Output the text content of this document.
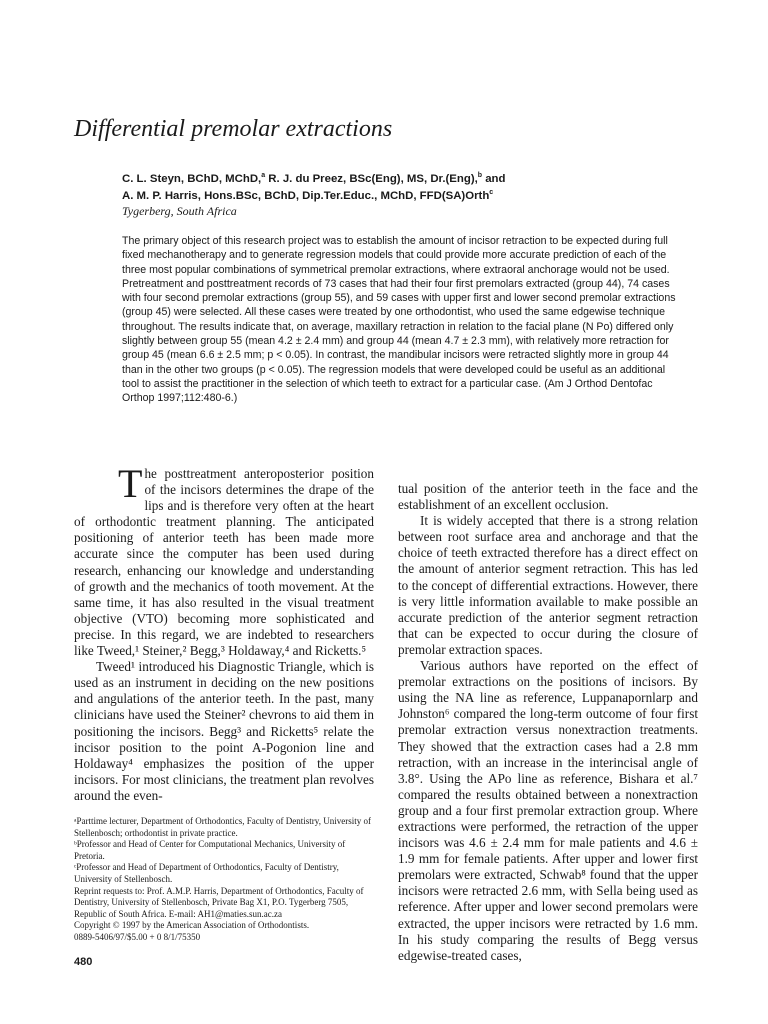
Differential premolar extractions
C. L. Steyn, BChD, MChD,$^a$ R. J. du Preez, BSc(Eng), MS, Dr.(Eng),$^b$ and
A. M. P. Harris, Hons.BSc, BChD, Dip.Ter.Educ., MChD, FFD(SA)Orth$^c$
Tygerberg, South Africa

The primary object of this research project was to establish the amount of incisor retraction to be expected during full fixed mechanotherapy and to generate regression models that could provide more accurate prediction of each of the three most popular combinations of symmetrical premolar extractions, where extraoral anchorage would not be used. Pretreatment and posttreatment records of 73 cases that had their four first premolars extracted (group 44), 74 cases with four second premolar extractions (group 55), and 59 cases with upper first and lower second premolar extractions (group 45) were selected. All these cases were treated by one orthodontist, who used the same edgewise technique throughout. The results indicate that, on average, maxillary retraction in relation to the facial plane (N Po) differed only slightly between group 55 (mean 4.2 ± 2.4 mm) and group 44 (mean 4.7 ± 2.3 mm), with relatively more retraction for group 45 (mean 6.6 ± 2.5 mm; p < 0.05). In contrast, the mandibular incisors were retracted slightly more in group 44 than in the other two groups (p < 0.05). The regression models that were developed could be useful as an additional tool to assist the practitioner in the selection of which teeth to extract for a particular case. (Am J Orthod Dentofac Orthop 1997;112:480-6.)

The posttreatment anteroposterior position of the incisors determines the drape of the lips and is therefore very often at the heart of orthodontic treatment planning. The anticipated positioning of anterior teeth has been made more accurate since the computer has been used during research, enhancing our knowledge and understanding of growth and the mechanics of tooth movement. At the same time, it has also resulted in the visual treatment objective (VTO) becoming more sophisticated and precise. In this regard, we are indebted to researchers like Tweed,¹ Steiner,² Begg,³ Holdaway,⁴ and Ricketts.⁵

Tweed¹ introduced his Diagnostic Triangle, which is used as an instrument in deciding on the new positions and angulations of the anterior teeth. In the past, many clinicians have used the Steiner² chevrons to aid them in positioning the incisors. Begg³ and Ricketts⁵ relate the incisor position to the point A-Pogonion line and Holdaway⁴ emphasizes the position of the upper incisors. For most clinicians, the treatment plan revolves around the even-

ᵃParttime lecturer, Department of Orthodontics, Faculty of Dentistry, University of Stellenbosch; orthodontist in private practice.
ᵇProfessor and Head of Center for Computational Mechanics, University of Pretoria.
ᶜProfessor and Head of Department of Orthodontics, Faculty of Dentistry, University of Stellenbosch.
Reprint requests to: Prof. A.M.P. Harris, Department of Orthodontics, Faculty of Dentistry, University of Stellenbosch, Private Bag X1, P.O. Tygerberg 7505, Republic of South Africa. E-mail: AH1@maties.sun.ac.za
Copyright © 1997 by the American Association of Orthodontists.
0889-5406/97/$5.00 + 0 8/1/75350

tual position of the anterior teeth in the face and the establishment of an excellent occlusion.

It is widely accepted that there is a strong relation between root surface area and anchorage and that the choice of teeth extracted therefore has a direct effect on the amount of anterior segment retraction. This has led to the concept of differential extractions. However, there is very little information available to make possible an accurate prediction of the anterior segment retraction that can be expected to occur during the closure of premolar extraction spaces.

Various authors have reported on the effect of premolar extractions on the positions of incisors. By using the NA line as reference, Luppanapornlarp and Johnston⁶ compared the long-term outcome of four first premolar extraction versus nonextraction treatments. They showed that the extraction cases had a 2.8 mm retraction, with an increase in the interincisal angle of 3.8°. Using the APo line as reference, Bishara et al.⁷ compared the results obtained between a nonextraction group and a four first premolar extraction group. Where extractions were performed, the retraction of the upper incisors was 4.6 ± 2.4 mm for male patients and 4.6 ± 1.9 mm for female patients. After upper and lower first premolars were extracted, Schwab⁸ found that the upper incisors were retracted 2.6 mm, with Sella being used as reference. After upper and lower second premolars were extracted, the upper incisors were retracted by 1.6 mm. In his study comparing the results of Begg versus edgewise-treated cases,

480
